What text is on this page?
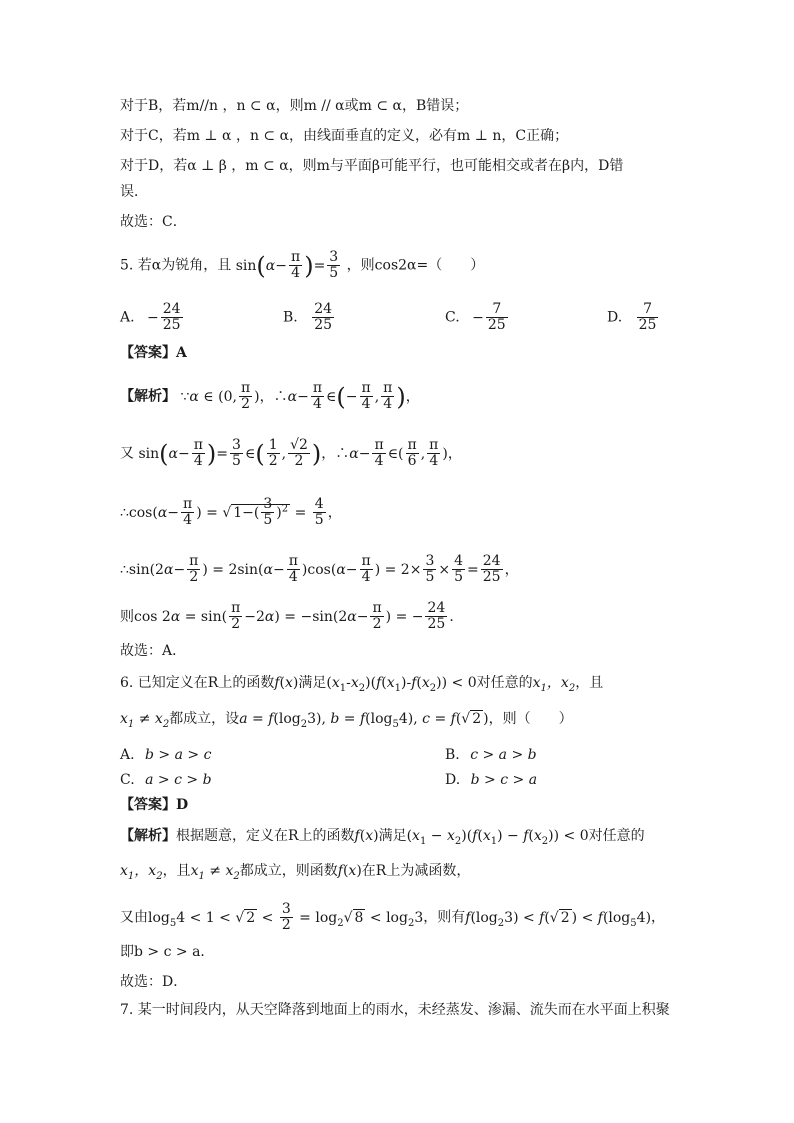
对于B，若m//n ，n ⊂ α，则m // α或m ⊂ α，B错误；
对于C，若m ⊥ α ，n ⊂ α，由线面垂直的定义，必有m ⊥ n，C正确；
对于D，若α ⊥ β ，m ⊂ α，则m与平面β可能平行，也可能相交或者在β内，D错
误．
故选：C．
5. 若α为锐角，且 $\sin(\alpha- \frac{\pi}{4}$ )= $\frac{3}{5}$ ，则cos2α=（　　）
A. − $\frac{24}{25}$	B. $\frac{24}{25}$	C. − $\frac{7}{25}$	D. $\frac{7}{25}$
【答案】A
【解析】 ∵α ∈ (0, $\frac{\pi}{2}$ )，∴α− $\frac{\pi}{4}$ ∈(− $\frac{\pi}{4}$ , $\frac{\pi}{4}$ )，
又 $\sin(\alpha- \frac{\pi}{4}$ )= $\frac{3}{5}$ ∈( $\frac{1}{2}$ , $\frac{√2}{2}$ )，∴α− $\frac{\pi}{4}$ ∈( $\frac{\pi}{6}$ , $\frac{\pi}{4}$ )，
∴cos(α− $\frac{\pi}{4}$ ) = √ $1-( \frac{3}{5} )^2 = \frac{4}{5}$ ，
∴sin(2α− $\frac{\pi}{2}$ ) = $2\sin(\alpha- \frac{\pi}{4} )\cos(\alpha- \frac{\pi}{4}$ ) = $2\times \frac{3}{5} \times \frac{4}{5} = \frac{24}{25}$ ，
则$\cos 2\alpha = \sin( \frac{\pi}{2} -2\alpha) = -\sin(2\alpha- \frac{\pi}{2}$ ) = − $\frac{24}{25}$ ．
故选：A．
6. 已知定义在R上的函数f(x)满足$(x_1-x_2)(f(x_1)-f(x_2)) < 0$对任意的$x_1$，$x_2$，且
$x_1 \ne x_2$都成立，设$a = f(\log_23)$, $b = f(\log_54)$, c = f(√ 2 )，则（　　）
A. b > a > c	B. c > a > b
C. a > c > b	D. b > c > a
【答案】D
【解析】根据题意，定义在R上的函数f(x)满足$(x_1 - x_2)(f(x_1) - f(x_2)) < 0$对任意的
$x_1$，$x_2$，且$x_1 \ne x_2$都成立，则函数f(x)在R上为减函数，
又由$\log_54 < 1$ < √ $2 < \frac{3}{2} = \log_2√$ $8 < \log_23$，则有$f(\log_23) < f(√$ 2 ) < $f(\log_54)$，
即b > c > a．
故选：D．
7. 某一时间段内，从天空降落到地面上的雨水，未经蒸发、渗漏、流失而在水平面上积聚
